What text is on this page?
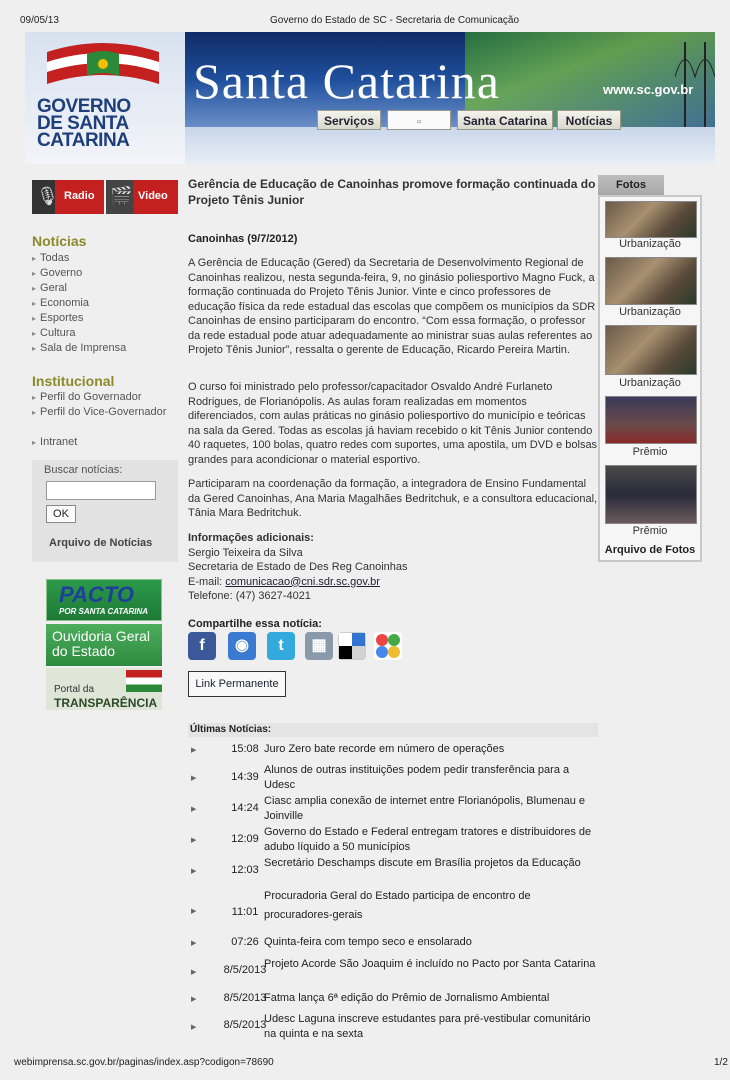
09/05/13	Governo do Estado de SC - Secretaria de Comunicação
GOVERNO
DE SANTA
CATARINA
Santa Catarina	www.sc.gov.br
Serviços	▫	Santa Catarina	Notícias
🎙 Radio 🎬 Video
Notícias
▸ Todas
▸ Governo
▸ Geral
▸ Economia
▸ Esportes
▸ Cultura
▸ Sala de Imprensa
Institucional
▸ Perfil do Governador
▸ Perfil do Vice-Governador
▸ Intranet
Buscar notícias:
OK
Arquivo de Notícias
PACTO
POR SANTA CATARINA
Ouvidoria Geral
do Estado
Portal da
TRANSPARÊNCIA
Gerência de Educação de Canoinhas promove formação continuada do Projeto Tênis Junior
Canoinhas (9/7/2012)
A Gerência de Educação (Gered) da Secretaria de Desenvolvimento Regional de Canoinhas realizou, nesta segunda-feira, 9, no ginásio poliesportivo Magno Fuck, a formação continuada do Projeto Tênis Junior. Vinte e cinco professores de educação física da rede estadual das escolas que compõem os municípios da SDR Canoinhas de ensino participaram do encontro. “Com essa formação, o professor da rede estadual pode atuar adequadamente ao ministrar suas aulas referentes ao Projeto Tênis Junior”, ressalta o gerente de Educação, Ricardo Pereira Martin.
O curso foi ministrado pelo professor/capacitador Osvaldo André Furlaneto Rodrigues, de Florianópolis. As aulas foram realizadas em momentos diferenciados, com aulas práticas no ginásio poliesportivo do município e teóricas na sala da Gered. Todas as escolas já haviam recebido o kit Tênis Junior contendo 40 raquetes, 100 bolas, quatro redes com suportes, uma apostila, um DVD e bolsas grandes para acondicionar o material esportivo.
Participaram na coordenação da formação, a integradora de Ensino Fundamental da Gered Canoinhas, Ana Maria Magalhães Bedritchuk, e a consultora educacional, Tânia Mara Bedritchuk.
Informações adicionais:
Sergio Teixeira da Silva
Secretaria de Estado de Des Reg Canoinhas
E-mail: comunicacao@cni.sdr.sc.gov.br
Telefone: (47) 3627-4021
Compartilhe essa notícia:
f	◉	t	▦
Link Permanente
Últimas Notícias:
▶	15:08 Juro Zero bate recorde em número de operações
▶	14:39
Alunos de outras instituições podem pedir transferência para a Udesc
▶	14:24
Ciasc amplia conexão de internet entre Florianópolis, Blumenau e Joinville
▶	12:09
Governo do Estado e Federal entregam tratores e distribuidores de adubo líquido a 50 municípios
▶	12:03
Secretário Deschamps discute em Brasília projetos da Educação
▶	11:01
Procuradoria Geral do Estado participa de encontro de procuradores-gerais
▶	07:26 Quinta-feira com tempo seco e ensolarado
▶	8/5/2013
Projeto Acorde São Joaquim é incluído no Pacto por Santa Catarina
▶	8/5/2013
Fatma lança 6ª edição do Prêmio de Jornalismo Ambiental
▶	8/5/2013
Udesc Laguna inscreve estudantes para pré-vestibular comunitário na quinta e na sexta
Fotos
Urbanização
Urbanização
Urbanização
Prêmio
Prêmio
Arquivo de Fotos
webimprensa.sc.gov.br/paginas/index.asp?codigon=78690	1/2
